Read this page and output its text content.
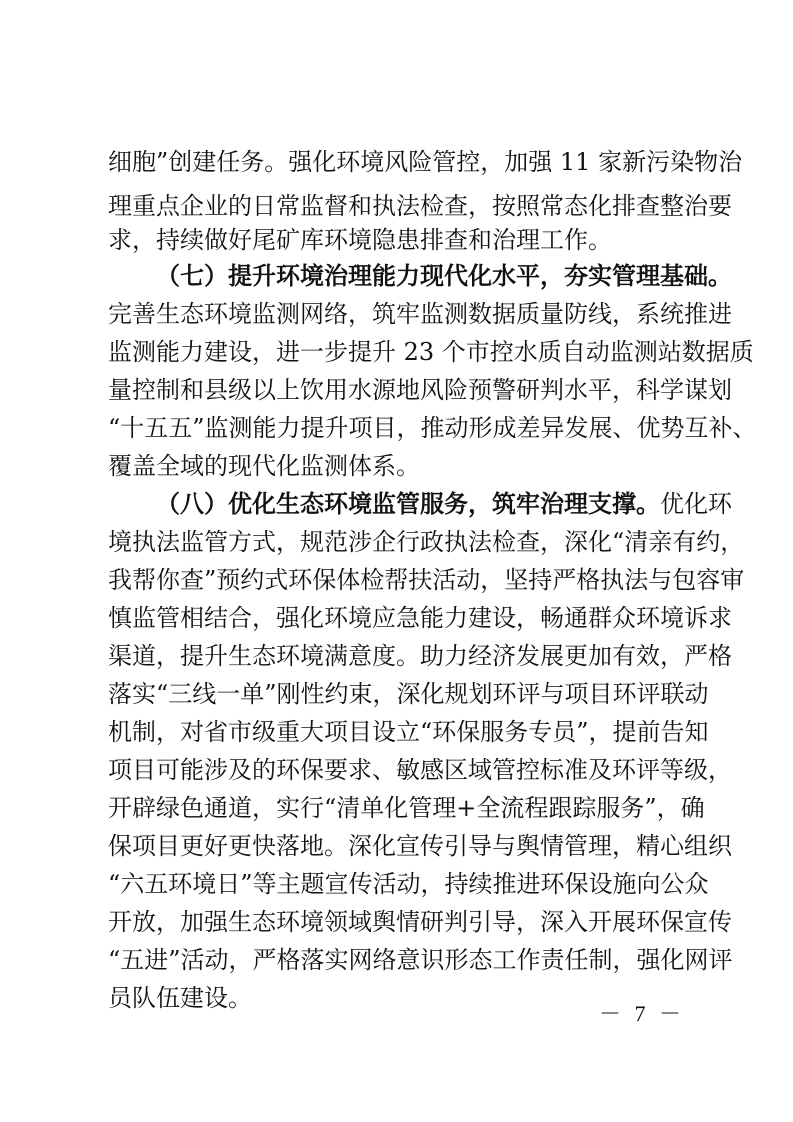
细胞”创建任务。强化环境风险管控，加强 11 家新污染物治
理重点企业的日常监督和执法检查，按照常态化排查整治要
求，持续做好尾矿库环境隐患排查和治理工作。
（七）提升环境治理能力现代化水平，夯实管理基础。
完善生态环境监测网络，筑牢监测数据质量防线，系统推进
监测能力建设，进一步提升 23 个市控水质自动监测站数据质
量控制和县级以上饮用水源地风险预警研判水平，科学谋划
“十五五”监测能力提升项目，推动形成差异发展、优势互补、
覆盖全域的现代化监测体系。
（八）优化生态环境监管服务，筑牢治理支撑。优化环
境执法监管方式，规范涉企行政执法检查，深化“清亲有约，
我帮你查”预约式环保体检帮扶活动，坚持严格执法与包容审
慎监管相结合，强化环境应急能力建设，畅通群众环境诉求
渠道，提升生态环境满意度。助力经济发展更加有效，严格
落实“三线一单”刚性约束，深化规划环评与项目环评联动
机制，对省市级重大项目设立“环保服务专员”，提前告知
项目可能涉及的环保要求、敏感区域管控标准及环评等级，
开辟绿色通道，实行“清单化管理+全流程跟踪服务”，确
保项目更好更快落地。深化宣传引导与舆情管理，精心组织
“六五环境日”等主题宣传活动，持续推进环保设施向公众
开放，加强生态环境领域舆情研判引导，深入开展环保宣传
“五进”活动，严格落实网络意识形态工作责任制，强化网评
员队伍建设。
－ 7 －
